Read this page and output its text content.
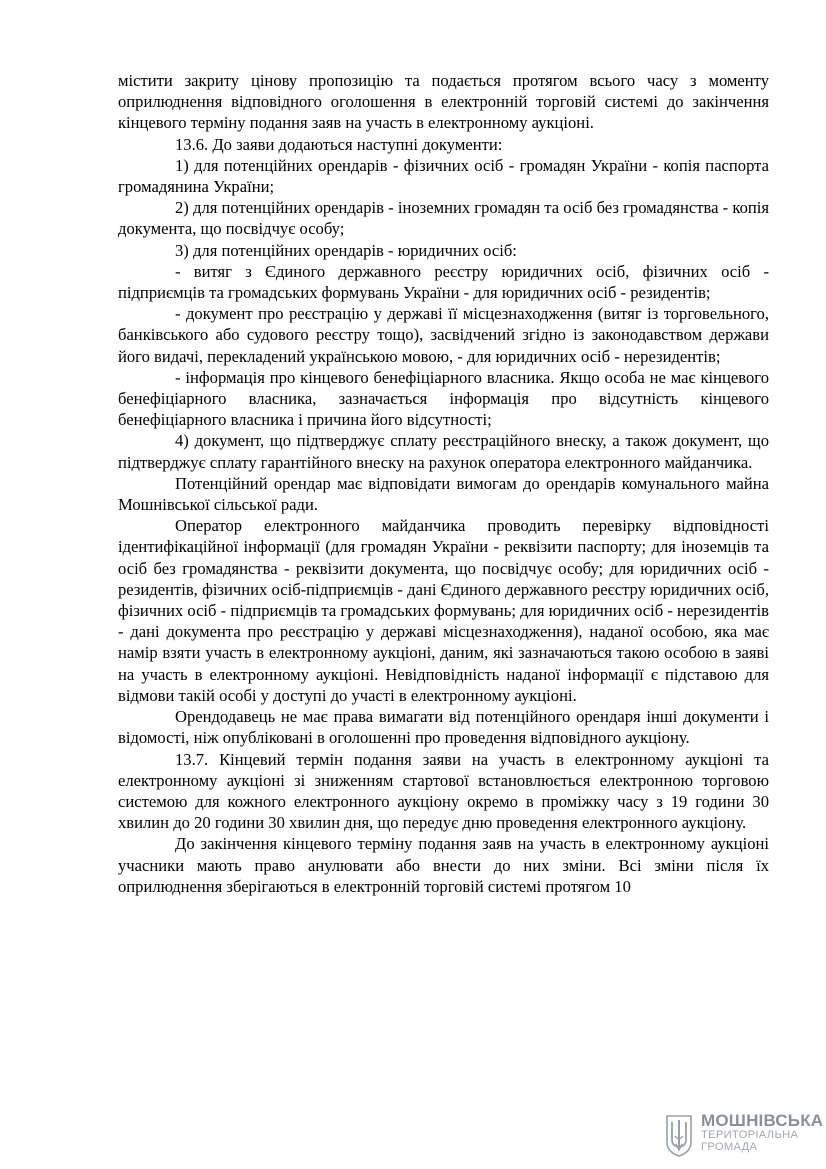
містити закриту цінову пропозицію та подається протягом всього часу з моменту оприлюднення відповідного оголошення в електронній торговій системі до закінчення кінцевого терміну подання заяв на участь в електронному аукціоні.

13.6. До заяви додаються наступні документи:

1) для потенційних орендарів - фізичних осіб - громадян України - копія паспорта громадянина України;

2) для потенційних орендарів - іноземних громадян та осіб без громадянства - копія документа, що посвідчує особу;

3) для потенційних орендарів - юридичних осіб:

- витяг з Єдиного державного реєстру юридичних осіб, фізичних осіб - підприємців та громадських формувань України - для юридичних осіб - резидентів;

- документ про реєстрацію у державі її місцезнаходження (витяг із торговельного, банківського або судового реєстру тощо), засвідчений згідно із законодавством держави його видачі, перекладений українською мовою, - для юридичних осіб - нерезидентів;

- інформація про кінцевого бенефіціарного власника. Якщо особа не має кінцевого бенефіціарного власника, зазначається інформація про відсутність кінцевого бенефіціарного власника і причина його відсутності;

4) документ, що підтверджує сплату реєстраційного внеску, а також документ, що підтверджує сплату гарантійного внеску на рахунок оператора електронного майданчика.

Потенційний орендар має відповідати вимогам до орендарів комунального майна Мошнівської сільської ради.

Оператор електронного майданчика проводить перевірку відповідності ідентифікаційної інформації (для громадян України - реквізити паспорту; для іноземців та осіб без громадянства - реквізити документа, що посвідчує особу; для юридичних осіб - резидентів, фізичних осіб-підприємців - дані Єдиного державного реєстру юридичних осіб, фізичних осіб - підприємців та громадських формувань; для юридичних осіб - нерезидентів - дані документа про реєстрацію у державі місцезнаходження), наданої особою, яка має намір взяти участь в електронному аукціоні, даним, які зазначаються такою особою в заяві на участь в електронному аукціоні. Невідповідність наданої інформації є підставою для відмови такій особі у доступі до участі в електронному аукціоні.

Орендодавець не має права вимагати від потенційного орендаря інші документи і відомості, ніж опубліковані в оголошенні про проведення відповідного аукціону.

13.7. Кінцевий термін подання заяви на участь в електронному аукціоні та електронному аукціоні зі зниженням стартової встановлюється електронною торговою системою для кожного електронного аукціону окремо в проміжку часу з 19 години 30 хвилин до 20 години 30 хвилин дня, що передує дню проведення електронного аукціону.

До закінчення кінцевого терміну подання заяв на участь в електронному аукціоні учасники мають право анулювати або внести до них зміни. Всі зміни після їх оприлюднення зберігаються в електронній торговій системі протягом 10

МОШНІВСЬКА
ТЕРИТОРІАЛЬНА
ГРОМАДА
